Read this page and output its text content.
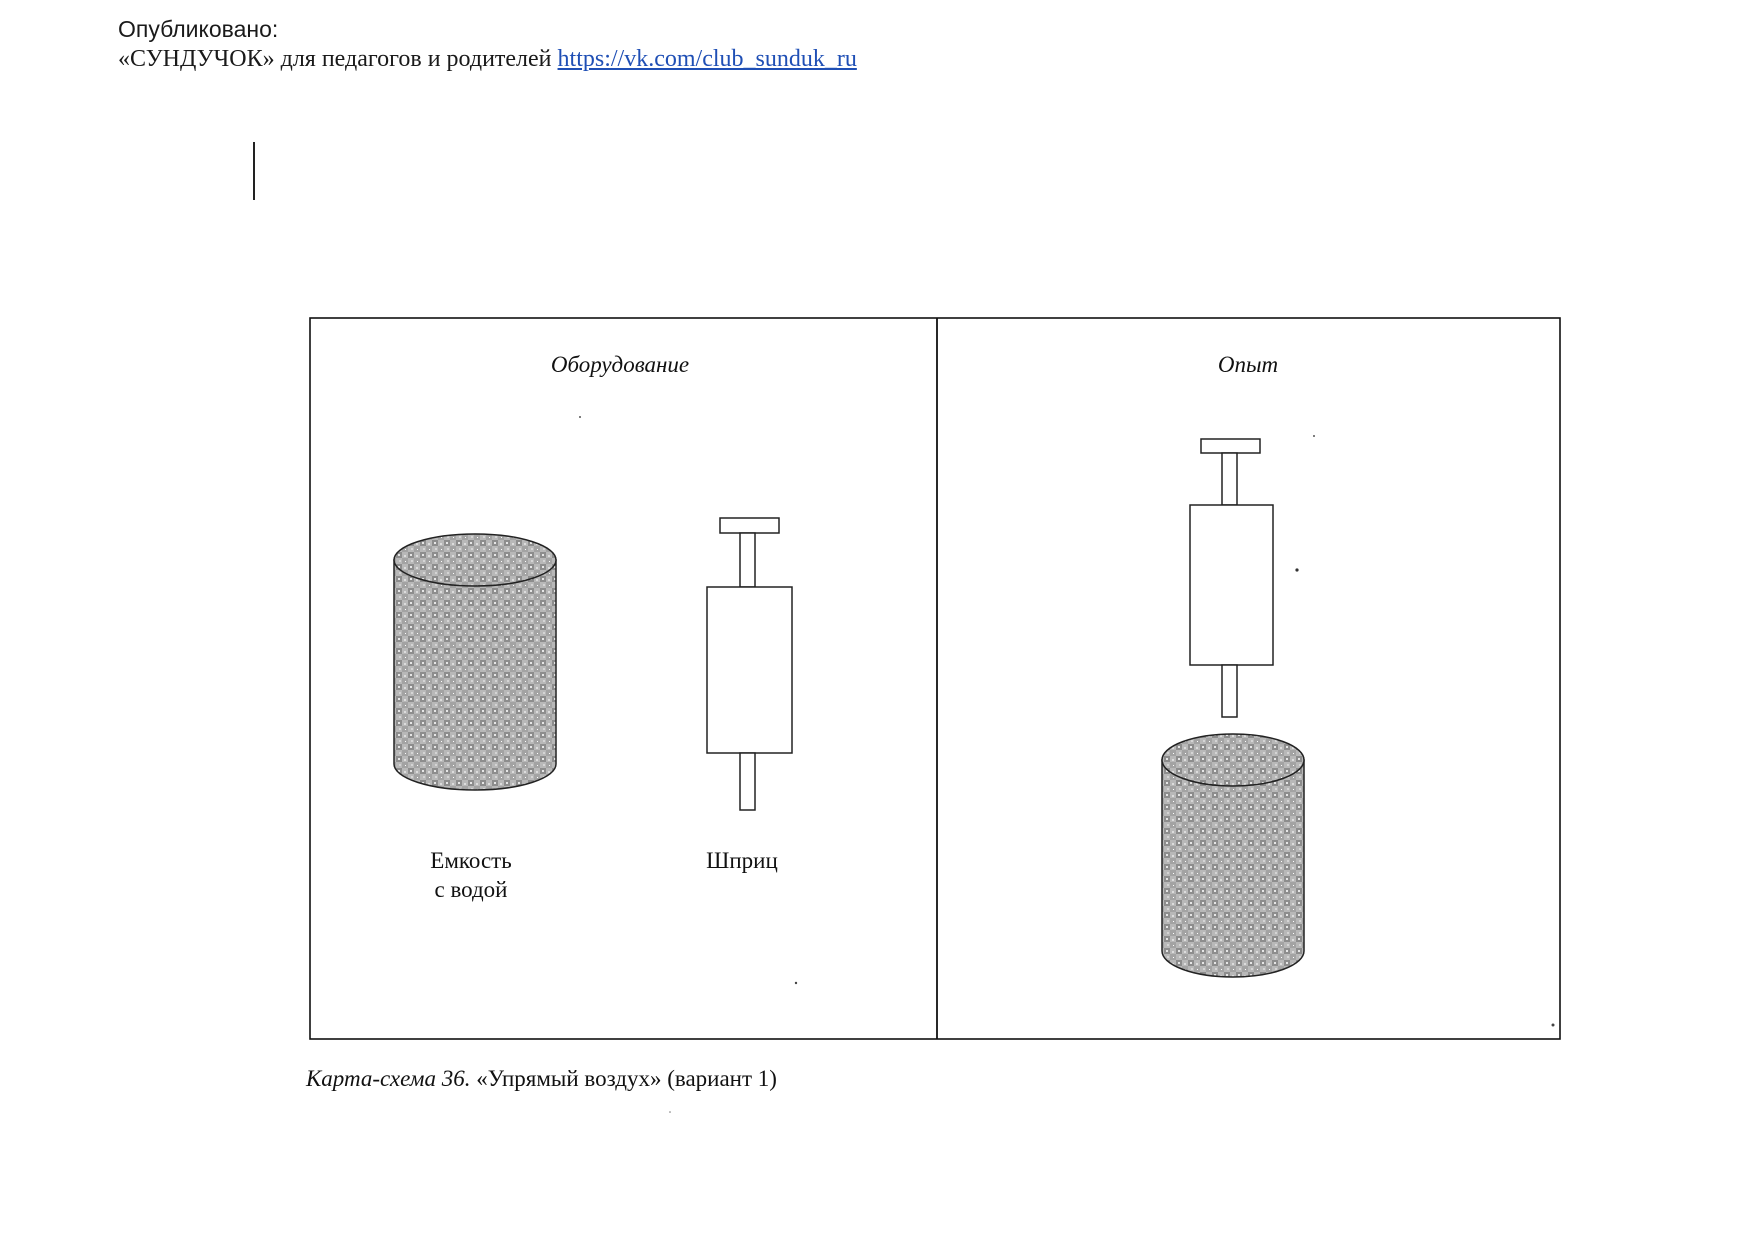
Опубликовано:
«СУНДУЧОК» для педагогов и родителей https://vk.com/club_sunduk_ru
Оборудование	Опыт
Емкость
с водой
Шприц
Карта-схема 36. «Упрямый воздух» (вариант 1)
